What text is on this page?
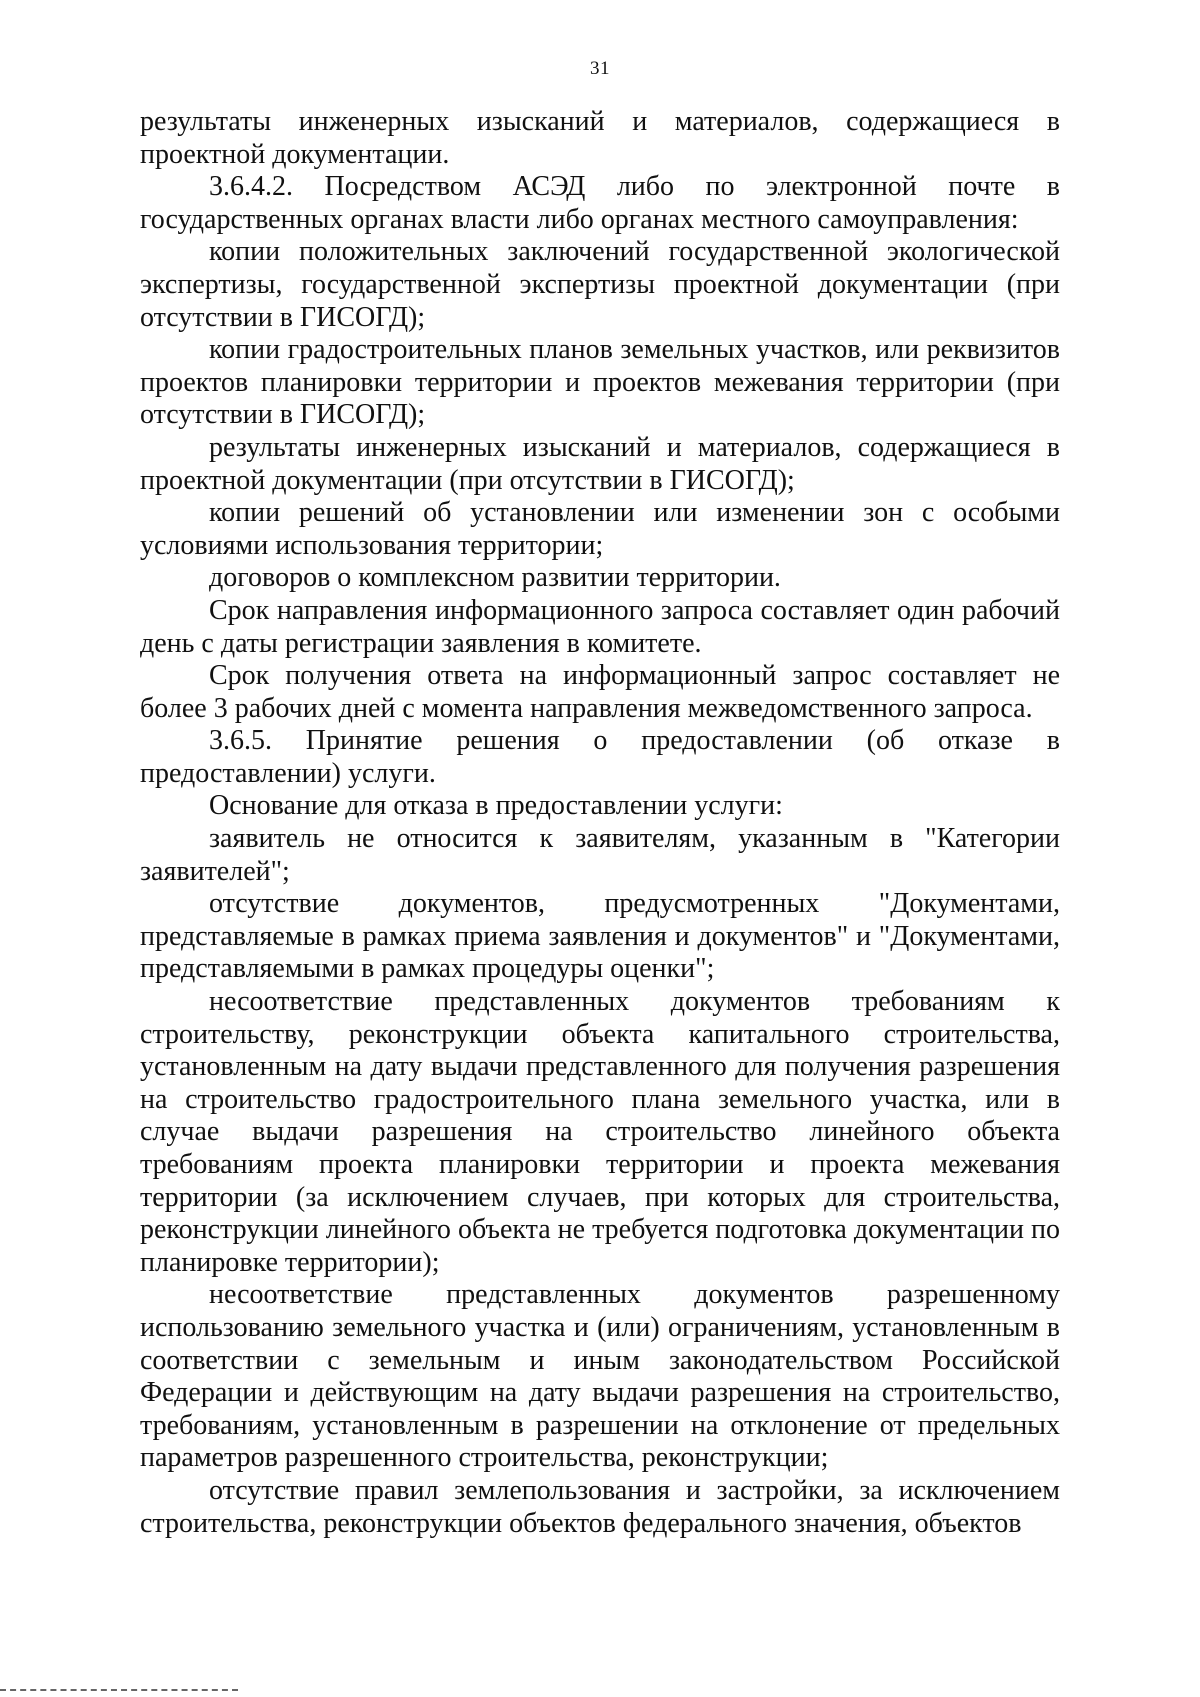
31

результаты инженерных изысканий и материалов, содержащиеся в проектной документации.

3.6.4.2. Посредством АСЭД либо по электронной почте в государственных органах власти либо органах местного самоуправления:

копии положительных заключений государственной экологической экспертизы, государственной экспертизы проектной документации (при отсутствии в ГИСОГД);

копии градостроительных планов земельных участков, или реквизитов проектов планировки территории и проектов межевания территории (при отсутствии в ГИСОГД);

результаты инженерных изысканий и материалов, содержащиеся в проектной документации (при отсутствии в ГИСОГД);

копии решений об установлении или изменении зон с особыми условиями использования территории;

договоров о комплексном развитии территории.

Срок направления информационного запроса составляет один рабочий день с даты регистрации заявления в комитете.

Срок получения ответа на информационный запрос составляет не более 3 рабочих дней с момента направления межведомственного запроса.

3.6.5. Принятие решения о предоставлении (об отказе в предоставлении) услуги.

Основание для отказа в предоставлении услуги:

заявитель не относится к заявителям, указанным в "Категории заявителей";

отсутствие документов, предусмотренных "Документами, представляемые в рамках приема заявления и документов" и "Документами, представляемыми в рамках процедуры оценки";

несоответствие представленных документов требованиям к строительству, реконструкции объекта капитального строительства, установленным на дату выдачи представленного для получения разрешения на строительство градостроительного плана земельного участка, или в случае выдачи разрешения на строительство линейного объекта требованиям проекта планировки территории и проекта межевания территории (за исключением случаев, при которых для строительства, реконструкции линейного объекта не требуется подготовка документации по планировке территории);

несоответствие представленных документов разрешенному использованию земельного участка и (или) ограничениям, установленным в соответствии с земельным и иным законодательством Российской Федерации и действующим на дату выдачи разрешения на строительство, требованиям, установленным в разрешении на отклонение от предельных параметров разрешенного строительства, реконструкции;

отсутствие правил землепользования и застройки, за исключением строительства, реконструкции объектов федерального значения, объектов
